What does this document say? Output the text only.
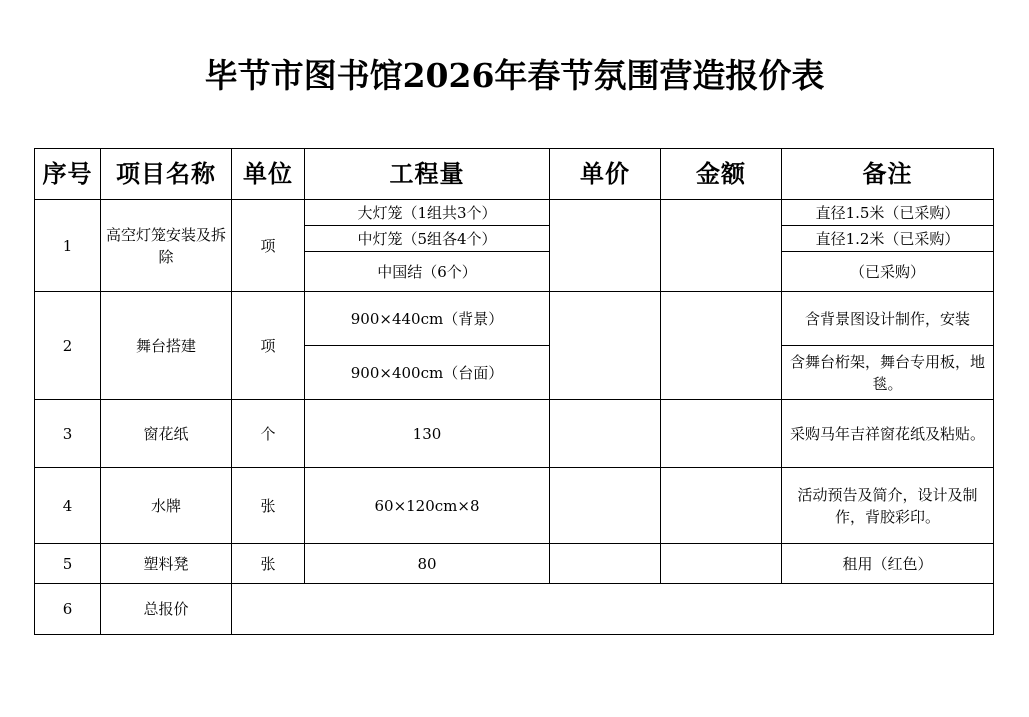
毕节市图书馆2026年春节氛围营造报价表
序号	项目名称	单位	工程量	单价	金额	备注
1	高空灯笼安装及拆除	项	大灯笼（1组共3个）			直径1.5米（已采购）
			中灯笼（5组各4个）			直径1.2米（已采购）
			中国结（6个）			（已采购）
2	舞台搭建	项	900×440cm（背景）			含背景图设计制作，安装
			900×400cm（台面）			含舞台桁架，舞台专用板，地毯。
3	窗花纸	个	130			采购马年吉祥窗花纸及粘贴。
4	水牌	张	60×120cm×8			活动预告及简介，设计及制作，背胶彩印。
5	塑料凳	张	80			租用（红色）
6	总报价					
